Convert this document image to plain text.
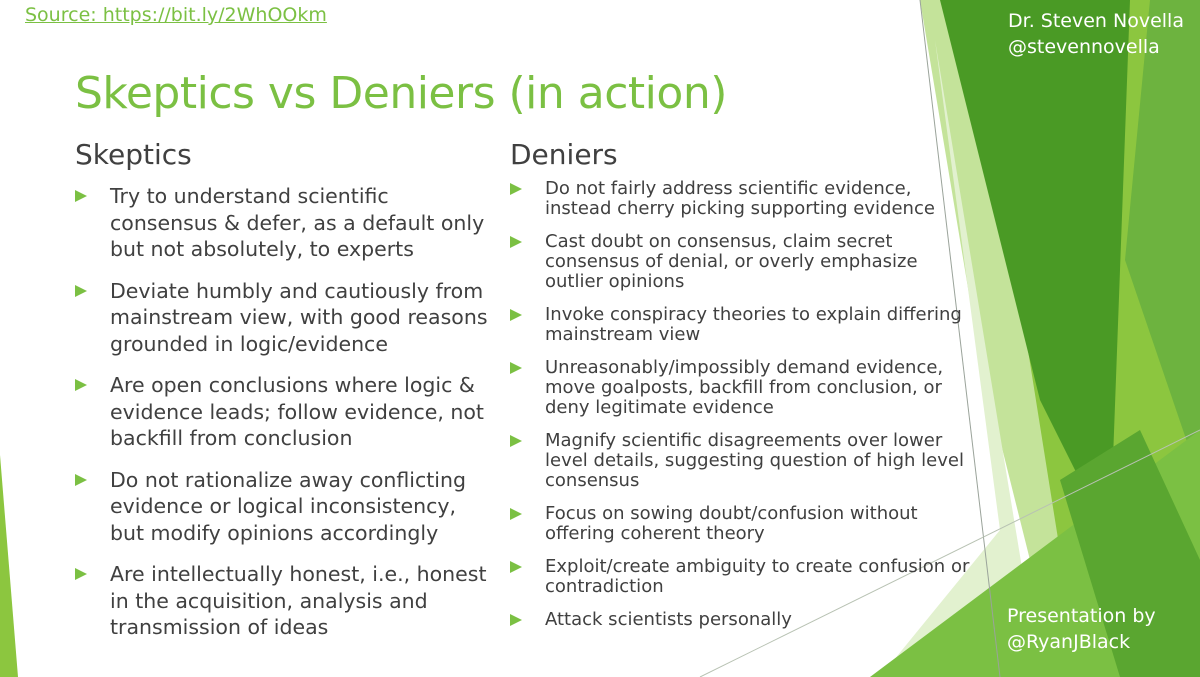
Source: https://bit.ly/2WhOOkm
Skeptics vs Deniers (in action)
Skeptics	Deniers
Try to understand scientific consensus & defer, as a default only but not absolutely, to experts
Deviate humbly and cautiously from mainstream view, with good reasons grounded in logic/evidence
Are open conclusions where logic & evidence leads; follow evidence, not backfill from conclusion
Do not rationalize away conflicting evidence or logical inconsistency, but modify opinions accordingly
Are intellectually honest, i.e., honest in the acquisition, analysis and transmission of ideas
Do not fairly address scientific evidence, instead cherry picking supporting evidence
Cast doubt on consensus, claim secret consensus of denial, or overly emphasize outlier opinions
Invoke conspiracy theories to explain differing mainstream view
Unreasonably/impossibly demand evidence, move goalposts, backfill from conclusion, or deny legitimate evidence
Magnify scientific disagreements over lower level details, suggesting question of high level consensus
Focus on sowing doubt/confusion without offering coherent theory
Exploit/create ambiguity to create confusion or contradiction
Attack scientists personally
Dr. Steven Novella
@stevennovella
Presentation by
@RyanJBlack
